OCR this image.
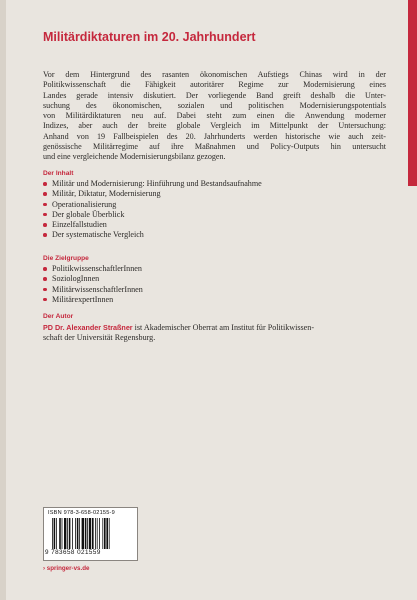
Militärdiktaturen im 20. Jahrhundert
Vor dem Hintergrund des rasanten ökonomischen Aufstiegs Chinas wird in der
Politikwissenschaft die Fähigkeit autoritärer Regime zur Modernisierung eines
Landes gerade intensiv diskutiert. Der vorliegende Band greift deshalb die Unter-
suchung des ökonomischen, sozialen und politischen Modernisierungspotentials
von Militärdiktaturen neu auf. Dabei steht zum einen die Anwendung moderner
Indizes, aber auch der breite globale Vergleich im Mittelpunkt der Untersuchung:
Anhand von 19 Fallbeispielen des 20. Jahrhunderts werden historische wie auch zeit-
genössische Militärregime auf ihre Maßnahmen und Policy-Outputs hin untersucht
und eine vergleichende Modernisierungsbilanz gezogen.
Der Inhalt
Militär und Modernisierung: Hinführung und Bestandsaufnahme
Militär, Diktatur, Modernisierung
Operationalisierung
Der globale Überblick
Einzelfallstudien
Der systematische Vergleich
Die Zielgruppe
PolitikwissenschaftlerInnen
SoziologInnen
MilitärwissenschaftlerInnen
MilitärexpertInnen
Der Autor
PD Dr. Alexander Straßner ist Akademischer Oberrat am Institut für Politikwissen-
schaft der Universität Regensburg.
ISBN 978-3-658-02155-9
9 783658 021559
› springer-vs.de
